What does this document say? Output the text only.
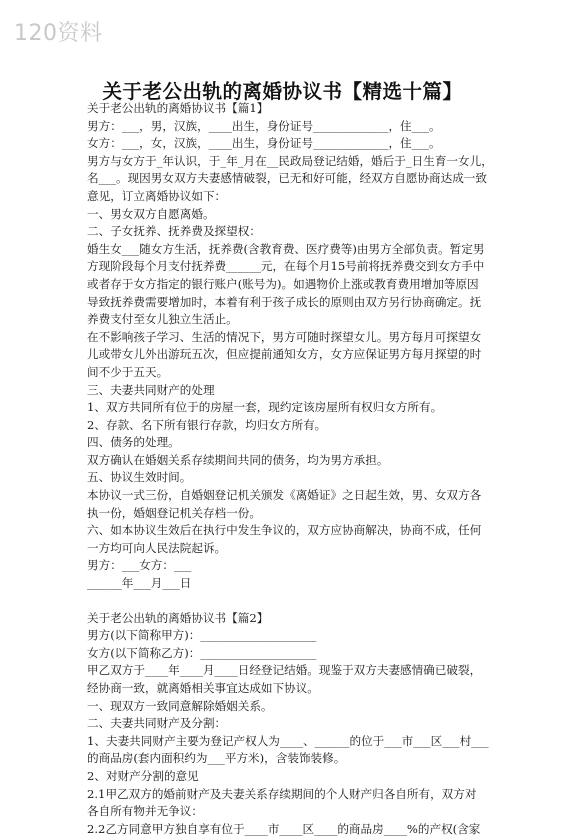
120资料
关于老公出轨的离婚协议书【精选十篇】
关于老公出轨的离婚协议书【篇1】
男方：___，男，汉族，____出生，身份证号_____________，住___。
女方：___，女，汉族，____出生，身份证号_____________，住___。
男方与女方于_年认识，于_年_月在__民政局登记结婚，婚后于_日生育一女儿，
名___。现因男女双方夫妻感情破裂，已无和好可能，经双方自愿协商达成一致
意见，订立离婚协议如下：
一、男女双方自愿离婚。
二、子女抚养、抚养费及探望权：
婚生女___随女方生活，抚养费(含教育费、医疗费等)由男方全部负责。暂定男
方现阶段每个月支付抚养费______元，在每个月15号前将抚养费交到女方手中
或者存于女方指定的银行账户(账号为)。如遇物价上涨或教育费用增加等原因
导致抚养费需要增加时，本着有利于孩子成长的原则由双方另行协商确定。抚
养费支付至女儿独立生活止。
在不影响孩子学习、生活的情况下，男方可随时探望女儿。男方每月可探望女
儿或带女儿外出游玩五次，但应提前通知女方，女方应保证男方每月探望的时
间不少于五天。
三、夫妻共同财产的处理
1、双方共同所有位于的房屋一套，现约定该房屋所有权归女方所有。
2、存款、名下所有银行存款，均归女方所有。
四、债务的处理。
双方确认在婚姻关系存续期间共同的债务，均为男方承担。
五、协议生效时间。
本协议一式三份，自婚姻登记机关颁发《离婚证》之日起生效，男、女双方各
执一份，婚姻登记机关存档一份。
六、如本协议生效后在执行中发生争议的，双方应协商解决，协商不成，任何
一方均可向人民法院起诉。
男方：___女方：___
______年___月___日
关于老公出轨的离婚协议书【篇2】
男方(以下简称甲方)：____________________
女方(以下简称乙方)：____________________
甲乙双方于____年____月____日经登记结婚。现鉴于双方夫妻感情确已破裂，
经协商一致，就离婚相关事宜达成如下协议。
一、现双方一致同意解除婚姻关系。
二、夫妻共同财产及分割：
1、夫妻共同财产主要为登记产权人为____、______的位于___市___区___村___
的商品房(套内面积约为___平方米)，含装饰装修。
2、对财产分割的意见
2.1甲乙双方的婚前财产及夫妻关系存续期间的个人财产归各自所有，双方对
各自所有物并无争议：
2.2乙方同意甲方独自享有位于____市____区____的商品房____%的产权(含家
